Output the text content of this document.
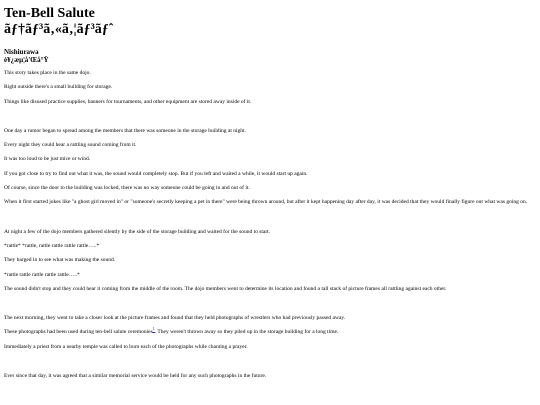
Ten-Bell Salute
ãƒ†ãƒ³ã‚«ã‚¦ãƒ³ãƒˆ
Nishiurawa
è¥¿æµ¦å'Œå°Ÿ

This story takes place in the same dojo.

Right outside there's a small building for storage.

Things like disused practice supplies, banners for tournaments, and other equipment are stored away inside of it.

One day a rumor began to spread among the members that there was someone in the storage building at night.

Every night they could hear a rattling sound coming from it.

It was too loud to be just mice or wind.

If you got close to try to find out what it was, the sound would completely stop. But if you left and waited a while, it would start up again.

Of course, since the door to the building was locked, there was no way someone could be going in and out of it.

When it first started jokes like "a ghost girl moved in" or "someone's secretly keeping a pet in there" were being thrown around, but after it kept happening day after day, it was decided that they would finally figure out what was going on.

At night a few of the dojo members gathered silently by the side of the storage building and waited for the sound to start.

*rattle* *rattle, rattle rattle rattle rattle…..*

They barged in to see what was making the sound.

*rattle rattle rattle rattle rattle…..*

The sound didn't stop and they could hear it coming from the middle of the room. The dojo members went to determine its location and found a tall stack of picture frames all rattling against each other.

The next morning, they went to take a closer look at the picture frames and found that they held photographs of wrestlers who had previously passed away.

These photographs had been used during ten-bell salute ceremonies$^1$. They weren't thrown away so they piled up in the storage building for a long time.

Immediately a priest from a nearby temple was called to burn each of the photographs while chanting a prayer.

Ever since that day, it was agreed that a similar memorial service would be held for any such photographs in the future.
